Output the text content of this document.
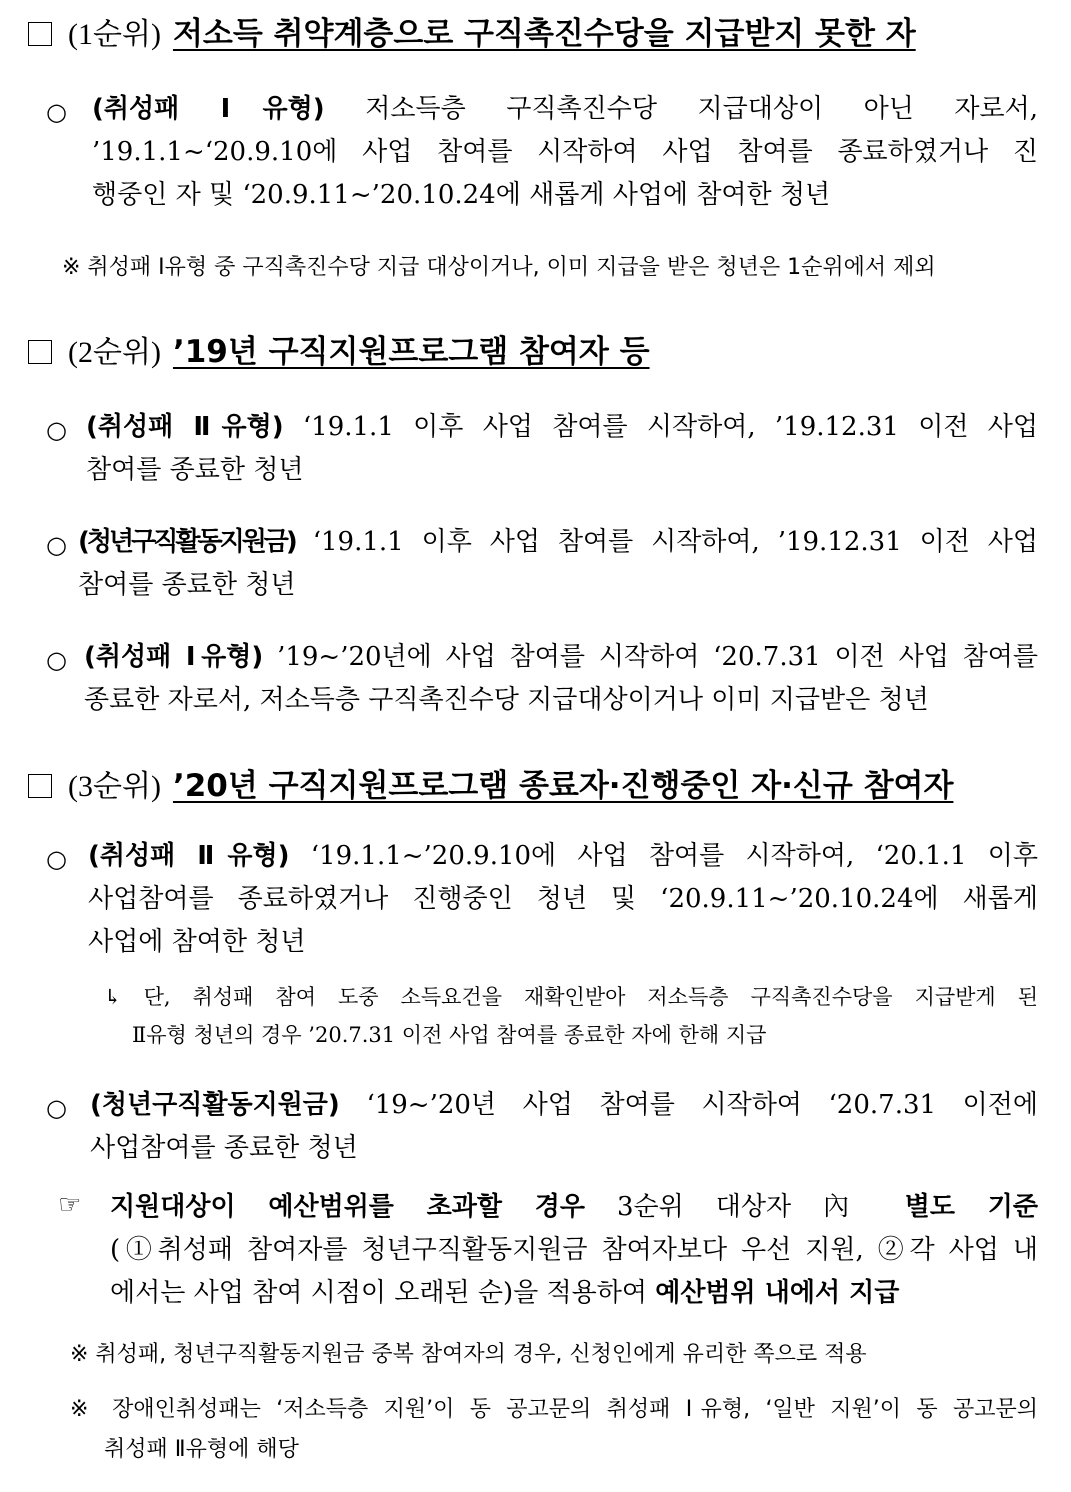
(1순위) 저소득 취약계층으로 구직촉진수당을 지급받지 못한 자
○ (취성패 Ⅰ유형) 저소득층 구직촉진수당 지급대상이 아닌 자로서,
’19.1.1~‘20.9.10에 사업 참여를 시작하여 사업 참여를 종료하였거나 진
행중인 자 및 ‘20.9.11~’20.10.24에 새롭게 사업에 참여한 청년
※ 취성패 Ⅰ유형 중 구직촉진수당 지급 대상이거나, 이미 지급을 받은 청년은 1순위에서 제외
(2순위) ’19년 구직지원프로그램 참여자 등
○ (취성패 Ⅱ유형) ‘19.1.1 이후 사업 참여를 시작하여, ’19.12.31 이전 사업
참여를 종료한 청년
○ (청년구직활동지원금) ‘19.1.1 이후 사업 참여를 시작하여, ’19.12.31 이전 사업
참여를 종료한 청년
○ (취성패 Ⅰ유형) ’19~’20년에 사업 참여를 시작하여 ‘20.7.31 이전 사업 참여를
종료한 자로서, 저소득층 구직촉진수당 지급대상이거나 이미 지급받은 청년
(3순위) ’20년 구직지원프로그램 종료자·진행중인 자·신규 참여자
○ (취성패 Ⅱ유형) ‘19.1.1~’20.9.10에 사업 참여를 시작하여, ‘20.1.1 이후
사업참여를 종료하였거나 진행중인 청년 및 ‘20.9.11~’20.10.24에 새롭게
사업에 참여한 청년
↳ 단, 취성패 참여 도중 소득요건을 재확인받아 저소득층 구직촉진수당을 지급받게 된
Ⅱ유형 청년의 경우 ’20.7.31 이전 사업 참여를 종료한 자에 한해 지급
○ (청년구직활동지원금) ‘19~’20년 사업 참여를 시작하여 ‘20.7.31 이전에
사업참여를 종료한 청년
☞ 지원대상이 예산범위를 초과할 경우 3순위 대상자 內 별도 기준
(①취성패 참여자를 청년구직활동지원금 참여자보다 우선 지원, ②각 사업 내
에서는 사업 참여 시점이 오래된 순)을 적용하여 예산범위 내에서 지급
※ 취성패, 청년구직활동지원금 중복 참여자의 경우, 신청인에게 유리한 쪽으로 적용
※ 장애인취성패는 ‘저소득층 지원’이 동 공고문의 취성패 Ⅰ유형, ‘일반 지원’이 동 공고문의
취성패 Ⅱ유형에 해당
